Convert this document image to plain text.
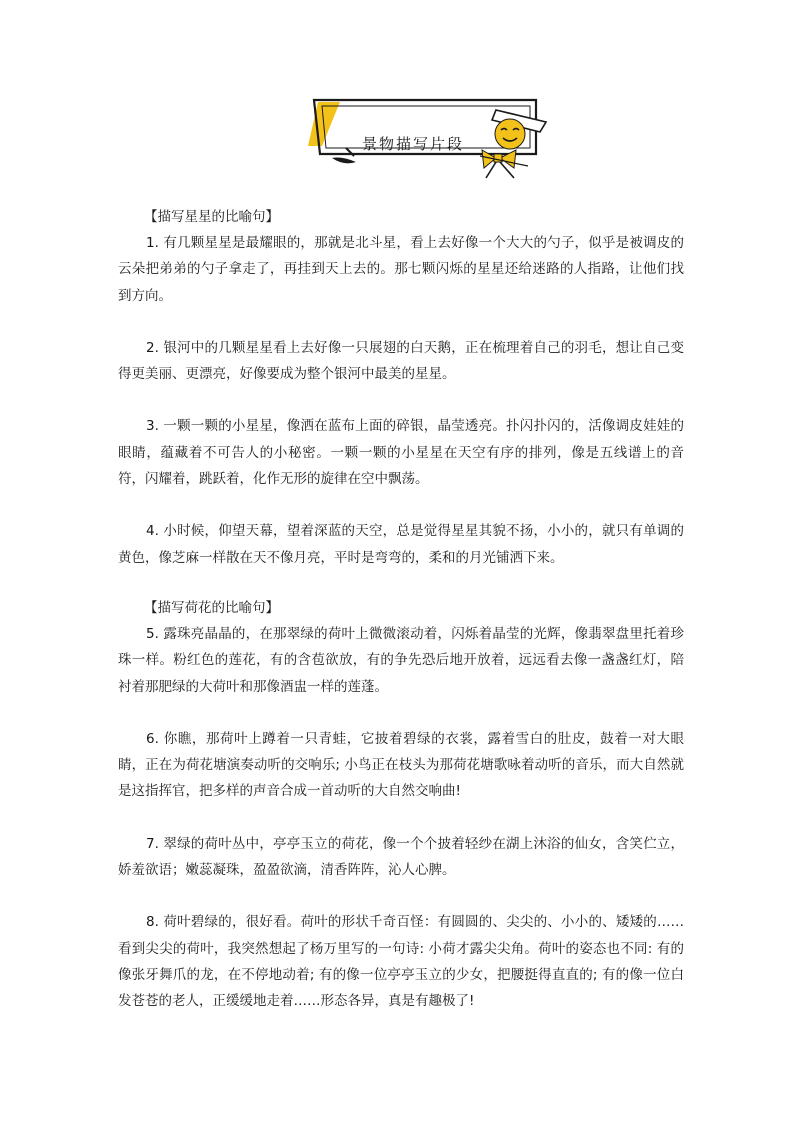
景物描写片段
【描写星星的比喻句】

1. 有几颗星星是最耀眼的，那就是北斗星，看上去好像一个大大的勺子，似乎是被调皮的云朵把弟弟的勺子拿走了，再挂到天上去的。那七颗闪烁的星星还给迷路的人指路，让他们找到方向。

2. 银河中的几颗星星看上去好像一只展翅的白天鹅，正在梳理着自己的羽毛，想让自己变得更美丽、更漂亮，好像要成为整个银河中最美的星星。

3. 一颗一颗的小星星，像洒在蓝布上面的碎银，晶莹透亮。扑闪扑闪的，活像调皮娃娃的眼睛，蕴藏着不可告人的小秘密。一颗一颗的小星星在天空有序的排列，像是五线谱上的音符，闪耀着，跳跃着，化作无形的旋律在空中飘荡。

4. 小时候，仰望天幕，望着深蓝的天空，总是觉得星星其貌不扬，小小的，就只有单调的黄色，像芝麻一样散在天不像月亮，平时是弯弯的，柔和的月光铺洒下来。

【描写荷花的比喻句】

5. 露珠亮晶晶的，在那翠绿的荷叶上微微滚动着，闪烁着晶莹的光辉，像翡翠盘里托着珍珠一样。粉红色的莲花，有的含苞欲放，有的争先恐后地开放着，远远看去像一盏盏红灯，陪衬着那肥绿的大荷叶和那像酒盅一样的莲蓬。

6. 你瞧，那荷叶上蹲着一只青蛙，它披着碧绿的衣裳，露着雪白的肚皮，鼓着一对大眼睛，正在为荷花塘演奏动听的交响乐; 小鸟正在枝头为那荷花塘歌咏着动听的音乐，而大自然就是这指挥官，把多样的声音合成一首动听的大自然交响曲!

7. 翠绿的荷叶丛中，亭亭玉立的荷花，像一个个披着轻纱在湖上沐浴的仙女，含笑伫立，娇羞欲语；嫩蕊凝珠，盈盈欲滴，清香阵阵，沁人心脾。

8. 荷叶碧绿的，很好看。荷叶的形状千奇百怪：有圆圆的、尖尖的、小小的、矮矮的……看到尖尖的荷叶，我突然想起了杨万里写的一句诗: 小荷才露尖尖角。荷叶的姿态也不同: 有的像张牙舞爪的龙，在不停地动着; 有的像一位亭亭玉立的少女，把腰挺得直直的; 有的像一位白发苍苍的老人，正缓缓地走着……形态各异，真是有趣极了!
